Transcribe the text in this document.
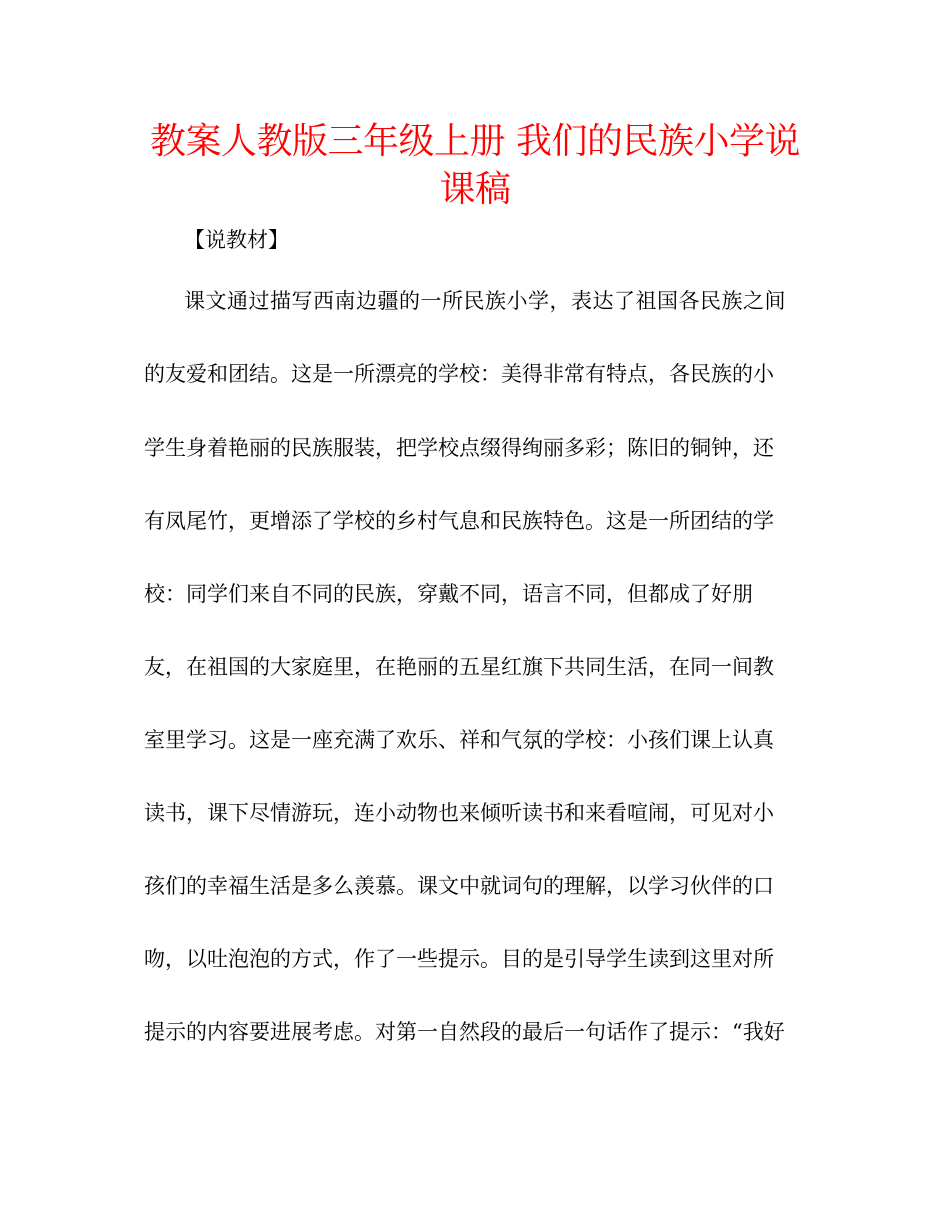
教案人教版三年级上册 我们的民族小学说
课稿
【说教材】
课文通过描写西南边疆的一所民族小学，表达了祖国各民族之间
的友爱和团结。这是一所漂亮的学校：美得非常有特点，各民族的小
学生身着艳丽的民族服装，把学校点缀得绚丽多彩；陈旧的铜钟，还
有凤尾竹，更增添了学校的乡村气息和民族特色。这是一所团结的学
校：同学们来自不同的民族，穿戴不同，语言不同，但都成了好朋
友，在祖国的大家庭里，在艳丽的五星红旗下共同生活，在同一间教
室里学习。这是一座充满了欢乐、祥和气氛的学校：小孩们课上认真
读书，课下尽情游玩，连小动物也来倾听读书和来看喧闹，可见对小
孩们的幸福生活是多么羡慕。课文中就词句的理解，以学习伙伴的口
吻，以吐泡泡的方式，作了一些提示。目的是引导学生读到这里对所
提示的内容要进展考虑。对第一自然段的最后一句话作了提示：“我好
